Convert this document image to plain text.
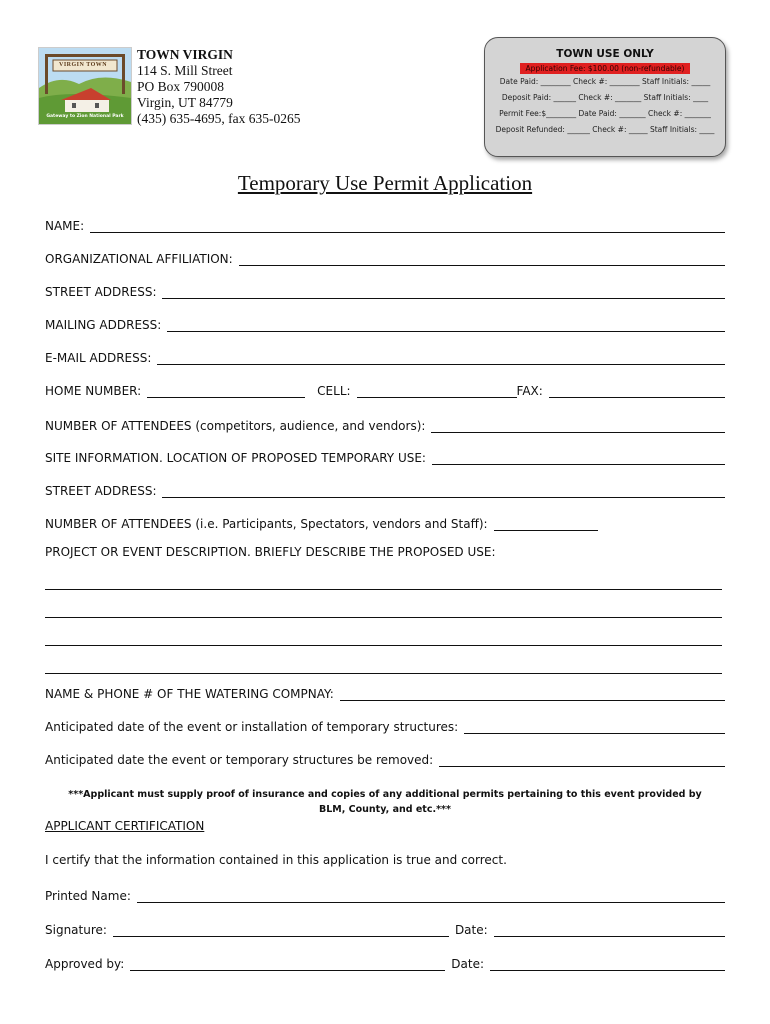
VIRGIN TOWN
Gateway to Zion National Park
TOWN VIRGIN
114 S. Mill Street
PO Box 790008
Virgin, UT 84779
(435) 635-4695, fax 635-0265
TOWN USE ONLY
Application Fee: $100.00 (non-refundable)
Date Paid: ________ Check #: ________ Staff Initials: _____
Deposit Paid: ______ Check #: _______ Staff Initials: ____
Permit Fee:$________ Date Paid: _______ Check #: _______
Deposit Refunded: ______ Check #: _____ Staff Initials: ____
Temporary Use Permit Application
NAME:
ORGANIZATIONAL AFFILIATION:
STREET ADDRESS:
MAILING ADDRESS:
E-MAIL ADDRESS:
HOME NUMBER:	CELL:	FAX:
NUMBER OF ATTENDEES (competitors, audience, and vendors):
SITE INFORMATION. LOCATION OF PROPOSED TEMPORARY USE:
STREET ADDRESS:
NUMBER OF ATTENDEES (i.e. Participants, Spectators, vendors and Staff):
PROJECT OR EVENT DESCRIPTION. BRIEFLY DESCRIBE THE PROPOSED USE:
NAME & PHONE # OF THE WATERING COMPNAY:
Anticipated date of the event or installation of temporary structures:
Anticipated date the event or temporary structures be removed:
***Applicant must supply proof of insurance and copies of any additional permits pertaining to this event provided by BLM, County, and etc.***
APPLICANT CERTIFICATION
I certify that the information contained in this application is true and correct.
Printed Name:
Signature:	Date:
Approved by:	Date:
